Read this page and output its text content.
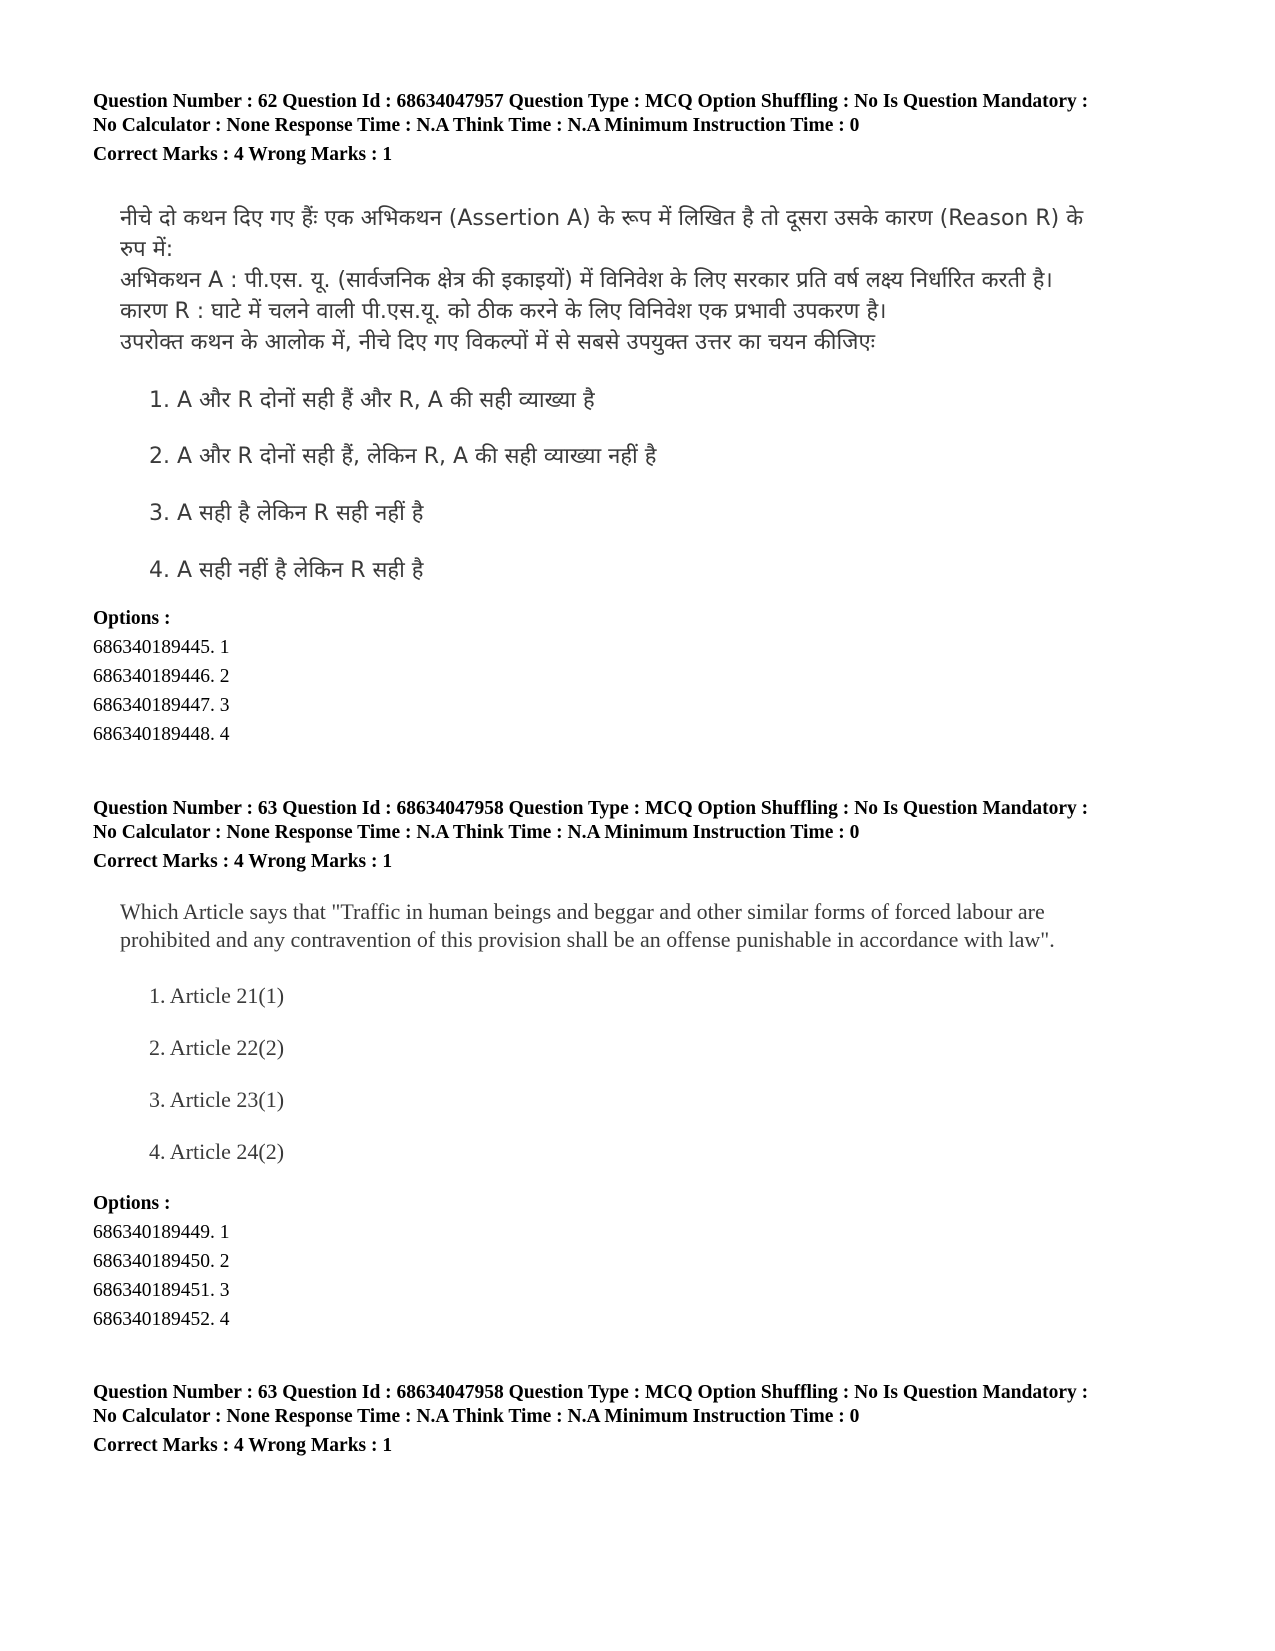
Question Number : 62 Question Id : 68634047957 Question Type : MCQ Option Shuffling : No Is Question Mandatory :
No Calculator : None Response Time : N.A Think Time : N.A Minimum Instruction Time : 0
Correct Marks : 4 Wrong Marks : 1
नीचे दो कथन दिए गए हैंः एक अभिकथन (Assertion A) के रूप में लिखित है तो दूसरा उसके कारण (Reason R) के
रुप में:
अभिकथन A : पी.एस. यू. (सार्वजनिक क्षेत्र की इकाइयों) में विनिवेश के लिए सरकार प्रति वर्ष लक्ष्य निर्धारित करती है।
कारण R : घाटे में चलने वाली पी.एस.यू. को ठीक करने के लिए विनिवेश एक प्रभावी उपकरण है।
उपरोक्त कथन के आलोक में, नीचे दिए गए विकल्पों में से सबसे उपयुक्त उत्तर का चयन कीजिएः
1. A और R दोनों सही हैं और R, A की सही व्याख्या है
2. A और R दोनों सही हैं, लेकिन R, A की सही व्याख्या नहीं है
3. A सही है लेकिन R सही नहीं है
4. A सही नहीं है लेकिन R सही है
Options :
686340189445. 1
686340189446. 2
686340189447. 3
686340189448. 4
Question Number : 63 Question Id : 68634047958 Question Type : MCQ Option Shuffling : No Is Question Mandatory :
No Calculator : None Response Time : N.A Think Time : N.A Minimum Instruction Time : 0
Correct Marks : 4 Wrong Marks : 1
Which Article says that "Traffic in human beings and beggar and other similar forms of forced labour are
prohibited and any contravention of this provision shall be an offense punishable in accordance with law".
1. Article 21(1)
2. Article 22(2)
3. Article 23(1)
4. Article 24(2)
Options :
686340189449. 1
686340189450. 2
686340189451. 3
686340189452. 4
Question Number : 63 Question Id : 68634047958 Question Type : MCQ Option Shuffling : No Is Question Mandatory :
No Calculator : None Response Time : N.A Think Time : N.A Minimum Instruction Time : 0
Correct Marks : 4 Wrong Marks : 1
